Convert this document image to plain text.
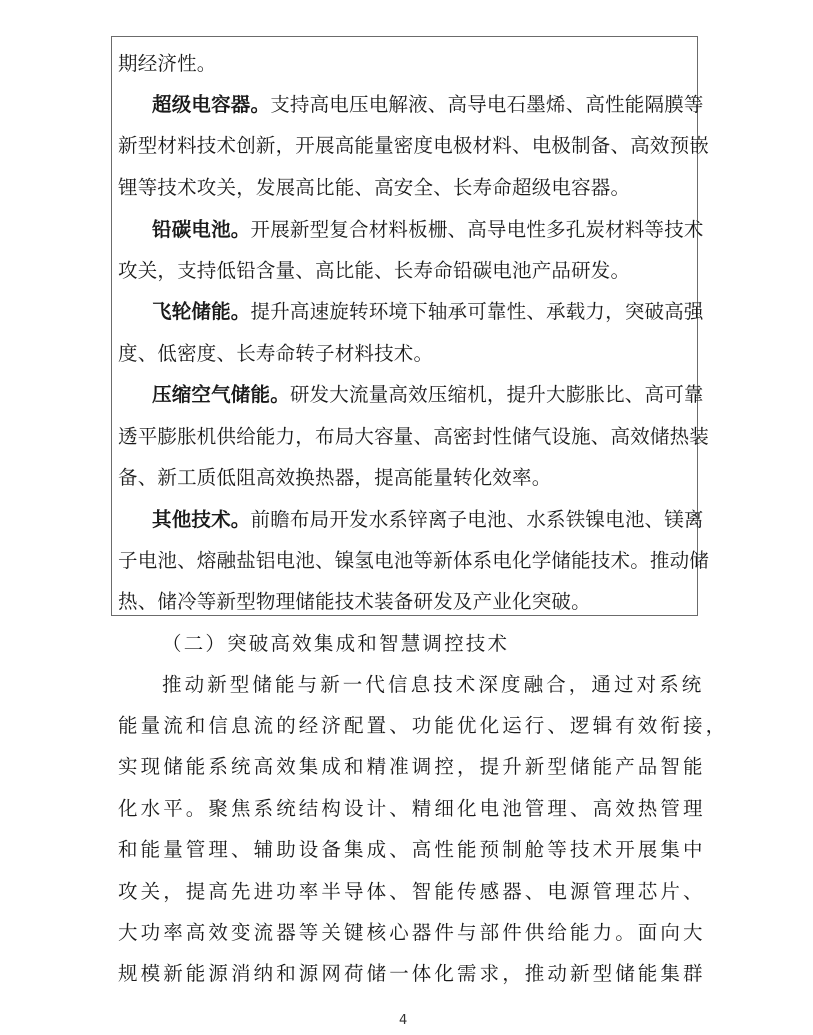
期经济性。
超级电容器。支持高电压电解液、高导电石墨烯、高性能隔膜等
新型材料技术创新，开展高能量密度电极材料、电极制备、高效预嵌
锂等技术攻关，发展高比能、高安全、长寿命超级电容器。
铅碳电池。开展新型复合材料板栅、高导电性多孔炭材料等技术
攻关，支持低铅含量、高比能、长寿命铅碳电池产品研发。
飞轮储能。提升高速旋转环境下轴承可靠性、承载力，突破高强
度、低密度、长寿命转子材料技术。
压缩空气储能。研发大流量高效压缩机，提升大膨胀比、高可靠
透平膨胀机供给能力，布局大容量、高密封性储气设施、高效储热装
备、新工质低阻高效换热器，提高能量转化效率。
其他技术。前瞻布局开发水系锌离子电池、水系铁镍电池、镁离
子电池、熔融盐铝电池、镍氢电池等新体系电化学储能技术。推动储
热、储冷等新型物理储能技术装备研发及产业化突破。
（二）突破高效集成和智慧调控技术
推动新型储能与新一代信息技术深度融合，通过对系统
能量流和信息流的经济配置、功能优化运行、逻辑有效衔接，
实现储能系统高效集成和精准调控，提升新型储能产品智能
化水平。聚焦系统结构设计、精细化电池管理、高效热管理
和能量管理、辅助设备集成、高性能预制舱等技术开展集中
攻关，提高先进功率半导体、智能传感器、电源管理芯片、
大功率高效变流器等关键核心器件与部件供给能力。面向大
规模新能源消纳和源网荷储一体化需求，推动新型储能集群
4
